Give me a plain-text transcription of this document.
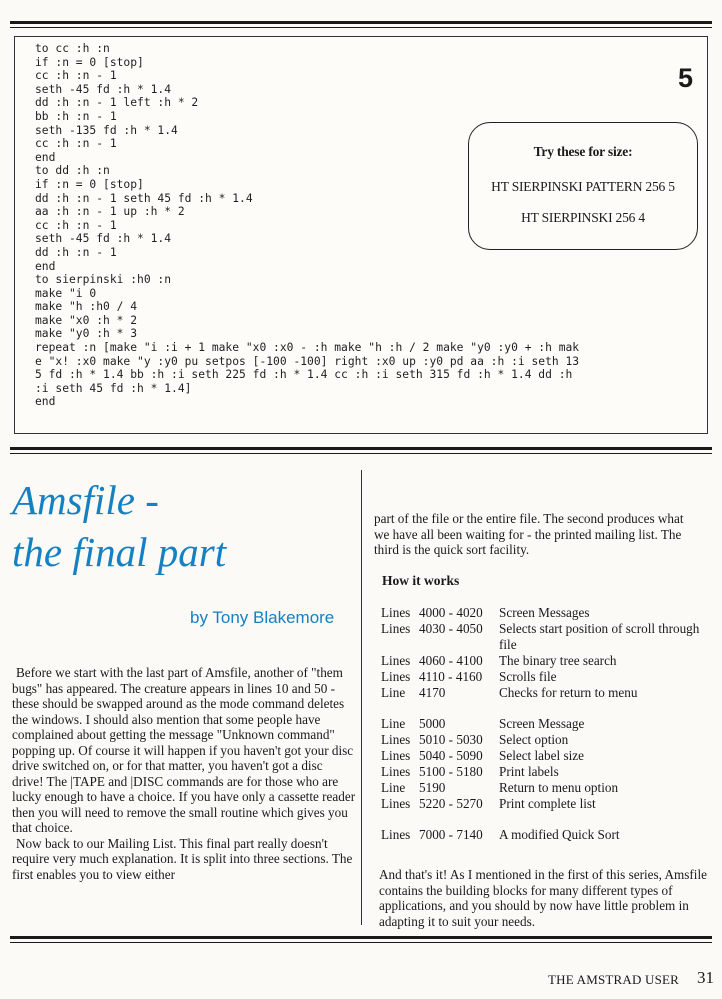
to cc :h :n
if :n = 0 [stop]
cc :h :n - 1
seth -45 fd :h * 1.4
dd :h :n - 1 left :h * 2
bb :h :n - 1
seth -135 fd :h * 1.4
cc :h :n - 1
end
to dd :h :n
if :n = 0 [stop]
dd :h :n - 1 seth 45 fd :h * 1.4
aa :h :n - 1 up :h * 2
cc :h :n - 1
seth -45 fd :h * 1.4
dd :h :n - 1
end
to sierpinski :h0 :n
make "i 0
make "h :h0 / 4
make "x0 :h * 2
make "y0 :h * 3
repeat :n [make "i :i + 1 make "x0 :x0 - :h make "h :h / 2 make "y0 :y0 + :h mak
e "x! :x0 make "y :y0 pu setpos [-100 -100] right :x0 up :y0 pd aa :h :i seth 13
5 fd :h * 1.4 bb :h :i seth 225 fd :h * 1.4 cc :h :i seth 315 fd :h * 1.4 dd :h
:i seth 45 fd :h * 1.4]
end
5
Try these for size:
HT SIERPINSKI PATTERN 256 5
HT SIERPINSKI 256 4
Amsfile -
the final part
by Tony Blakemore

Before we start with the last part of Amsfile, another of "them bugs" has appeared. The creature appears in lines 10 and 50 - these should be swapped around as the mode command deletes the windows. I should also mention that some people have complained about getting the message "Unknown command" popping up. Of course it will happen if you haven't got your disc drive switched on, or for that matter, you haven't got a disc drive! The |TAPE and |DISC commands are for those who are lucky enough to have a choice. If you have only a cassette reader then you will need to remove the small routine which gives you that choice.

Now back to our Mailing List. This final part really doesn't require very much explanation. It is split into three sections. The first enables you to view either

part of the file or the entire file. The second produces what we have all been waiting for - the printed mailing list. The third is the quick sort facility.

How it works
Lines	4000 - 4020	Screen Messages
Lines	4030 - 4050	Selects start position of scroll through file
Lines	4060 - 4100	The binary tree search
Lines	4110 - 4160	Scrolls file
Line	4170	Checks for return to menu

Line	5000	Screen Message
Lines	5010 - 5030	Select option
Lines	5040 - 5090	Select label size
Lines	5100 - 5180	Print labels
Line	5190	Return to menu option
Lines	5220 - 5270	Print complete list

Lines	7000 - 7140	A modified Quick Sort

And that's it! As I mentioned in the first of this series, Amsfile contains the building blocks for many different types of applications, and you should by now have little problem in adapting it to suit your needs.

THE AMSTRAD USER 31
